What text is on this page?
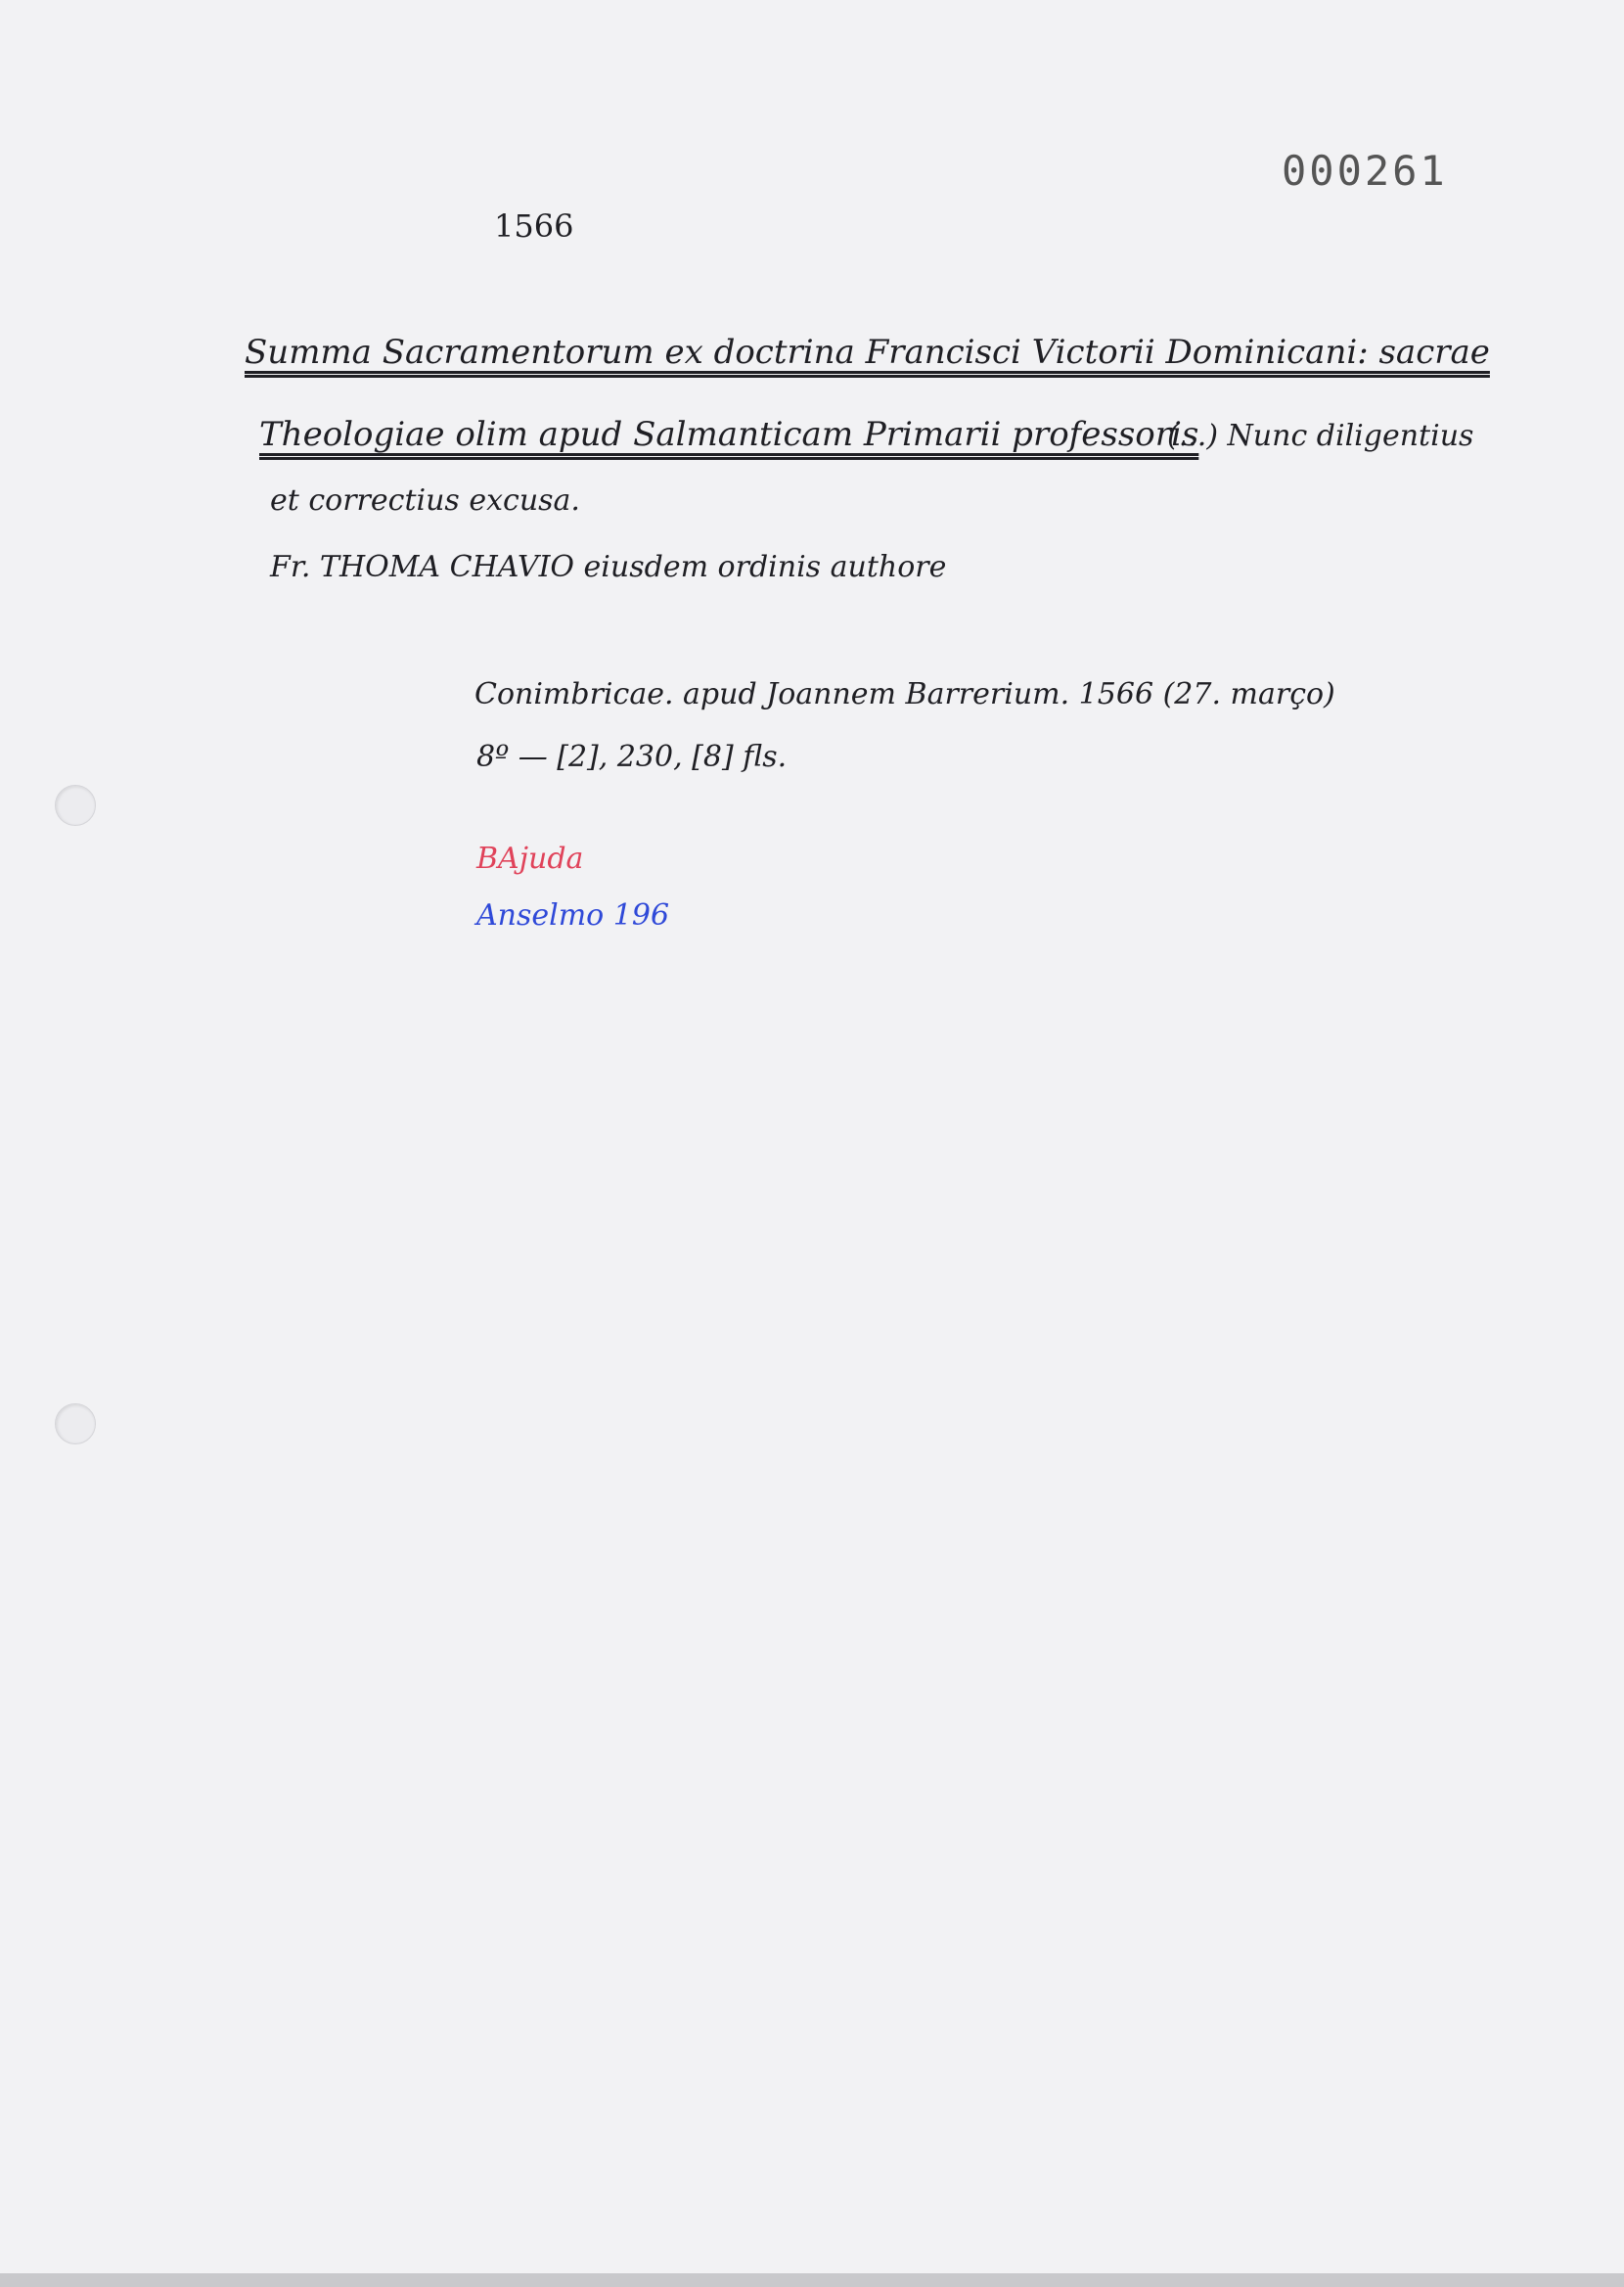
000261
1566
Summa Sacramentorum ex doctrina Francisci Victorii Dominicani: sacrae
Theologiae olim apud Salmanticam Primarii professoris
(...) Nunc diligentius
et correctius excusa.
Fr. THOMA CHAVIO eiusdem ordinis authore
Conimbricae. apud Joannem Barrerium. 1566 (27. março)
8º — [2], 230, [8] fls.
BAjuda
Anselmo 196
